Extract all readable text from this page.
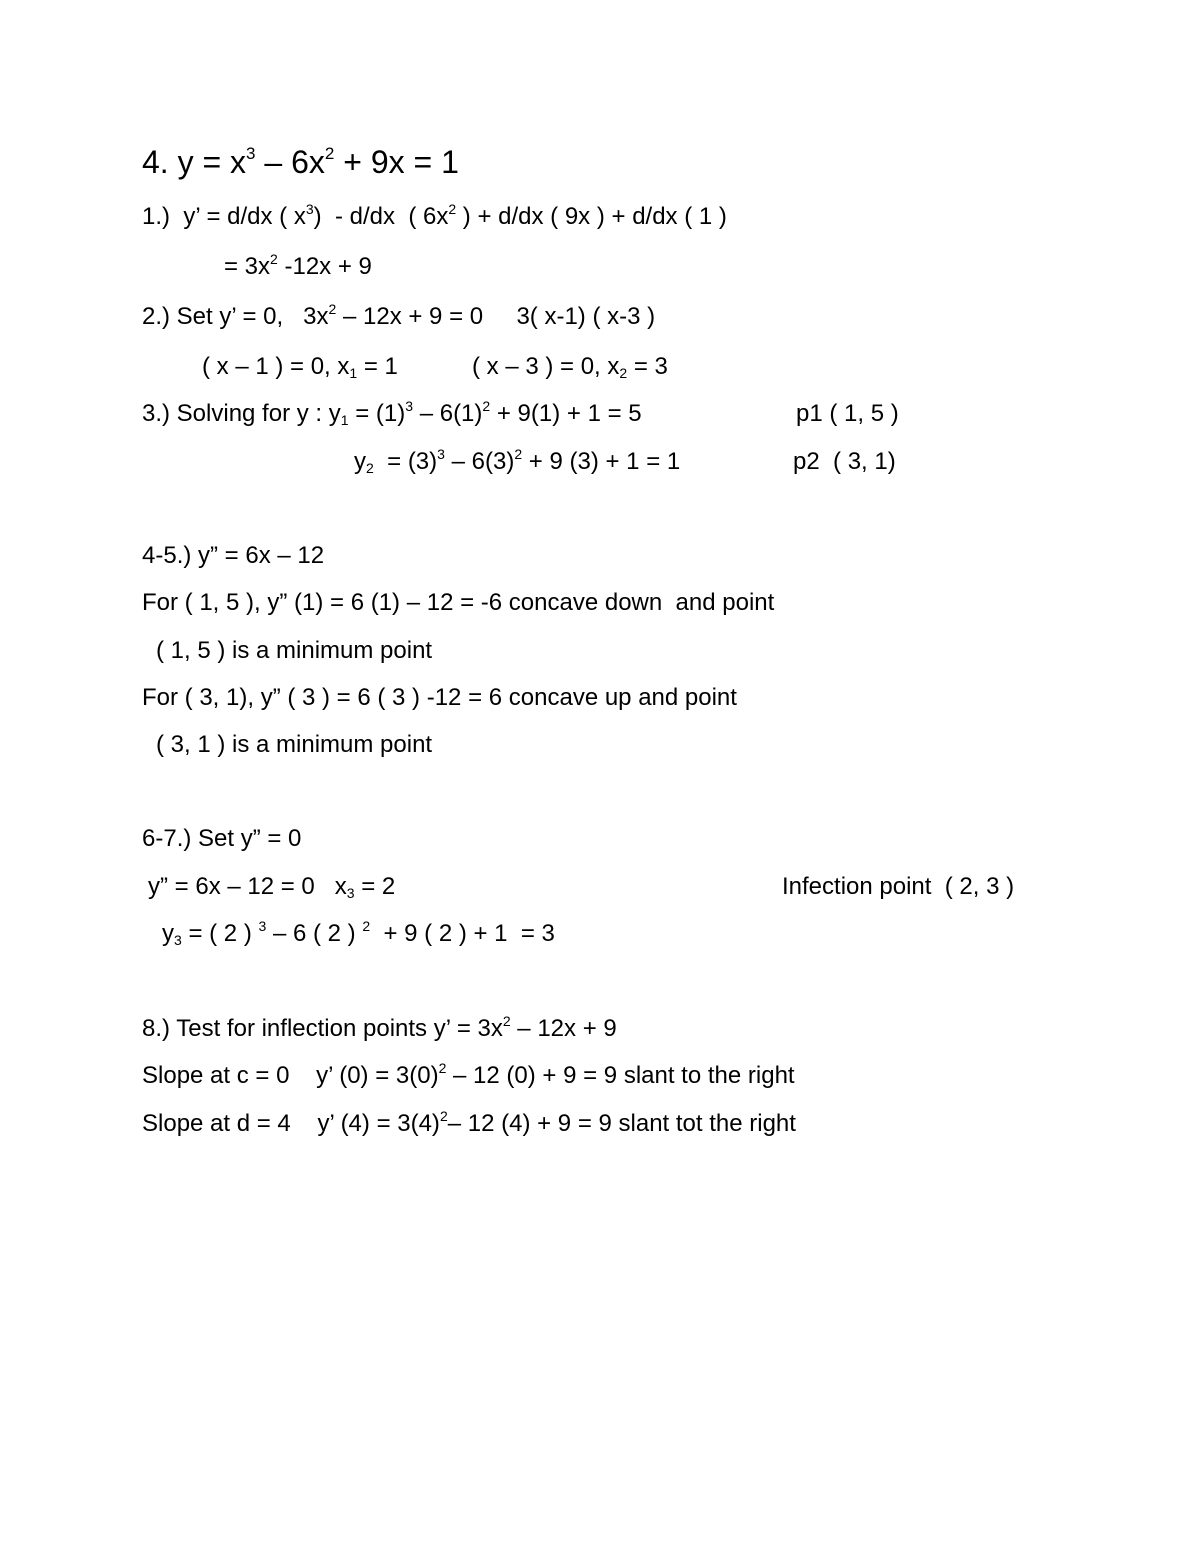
4. $y = x^3 - 6x^2 + 9x = 1$
1.)  y’ = d/dx ( $x^3) - d/dx$  ( $6x^2$ ) + d/dx ( 9x ) + d/dx ( 1 )
= $3x^2$ -12x + 9
2.) Set y’ = 0,   $3x^2 - 12x + 9 = 0$     3( x-1) ( x-3 )
( x – 1 ) = 0, $x_1 = 1$	( x – 3 ) = 0, $x_2 = 3$
3.) Solving for y : $y_1 = (1)^3 - 6(1)^2 + 9(1) + 1 = 5$	p1 ( 1, 5 )
$y_2 = (3)^3 - 6(3)^2 + 9$ (3) + 1 = 1	p2  ( 3, 1)
4-5.) y” = 6x – 12
For ( 1, 5 ), y” (1) = 6 (1) – 12 = -6 concave down  and point
( 1, 5 ) is a minimum point
For ( 3, 1), y” ( 3 ) = 6 ( 3 ) -12 = 6 concave up and point
( 3, 1 ) is a minimum point
6-7.) Set y” = 0
y” = 6x – 12 = 0   $x_3 = 2$	Infection point  ( 2, 3 )
$y_3$ = ( 2 ) $^3$ – 6 ( 2 ) $^2$  + 9 ( 2 ) + 1  = 3
8.) Test for inflection points y’ = $3x^2 - 12x + 9$
Slope at c = 0    y’ $(0) = 3(0)^2 - 12$ (0) + 9 = 9 slant to the right
Slope at d = 4    y’ $(4) = 3(4)^2-$ 12 (4) + 9 = 9 slant tot the right
